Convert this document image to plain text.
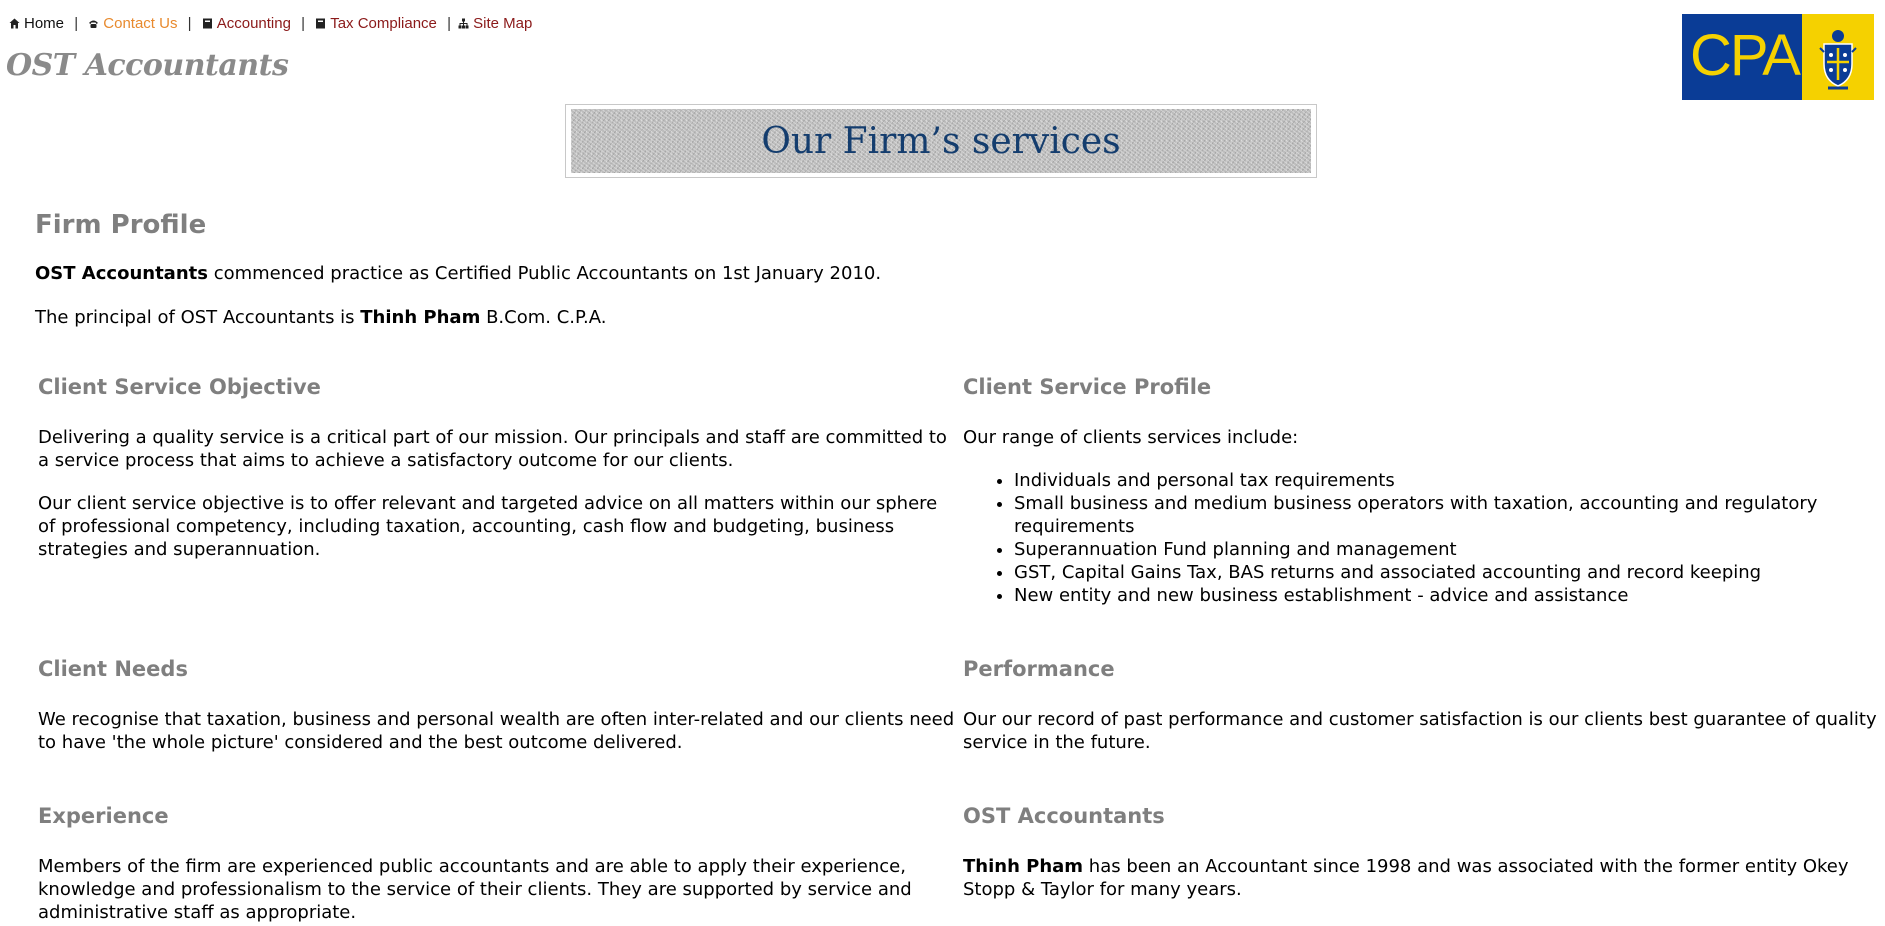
Home | Contact Us | Accounting | Tax Compliance | Site Map
OST Accountants	CPA
Our Firm’s services
Firm Profile

OST Accountants commenced practice as Certified Public Accountants on 1st January 2010.

The principal of OST Accountants is Thinh Pham B.Com. C.P.A.

Client Service Objective

Delivering a quality service is a critical part of our mission. Our principals and staff are committed to a service process that aims to achieve a satisfactory outcome for our clients.

Our client service objective is to offer relevant and targeted advice on all matters within our sphere of professional competency, including taxation, accounting, cash flow and budgeting, business strategies and superannuation.

Client Service Profile

Our range of clients services include:

• Individuals and personal tax requirements
• Small business and medium business operators with taxation, accounting and regulatory requirements
• Superannuation Fund planning and management
• GST, Capital Gains Tax, BAS returns and associated accounting and record keeping
• New entity and new business establishment - advice and assistance
Client Needs

We recognise that taxation, business and personal wealth are often inter-related and our clients need to have 'the whole picture' considered and the best outcome delivered.

Performance

Our our record of past performance and customer satisfaction is our clients best guarantee of quality service in the future.

Experience

Members of the firm are experienced public accountants and are able to apply their experience, knowledge and professionalism to the service of their clients. They are supported by service and administrative staff as appropriate.

OST Accountants

Thinh Pham has been an Accountant since 1998 and was associated with the former entity Okey Stopp & Taylor for many years.
